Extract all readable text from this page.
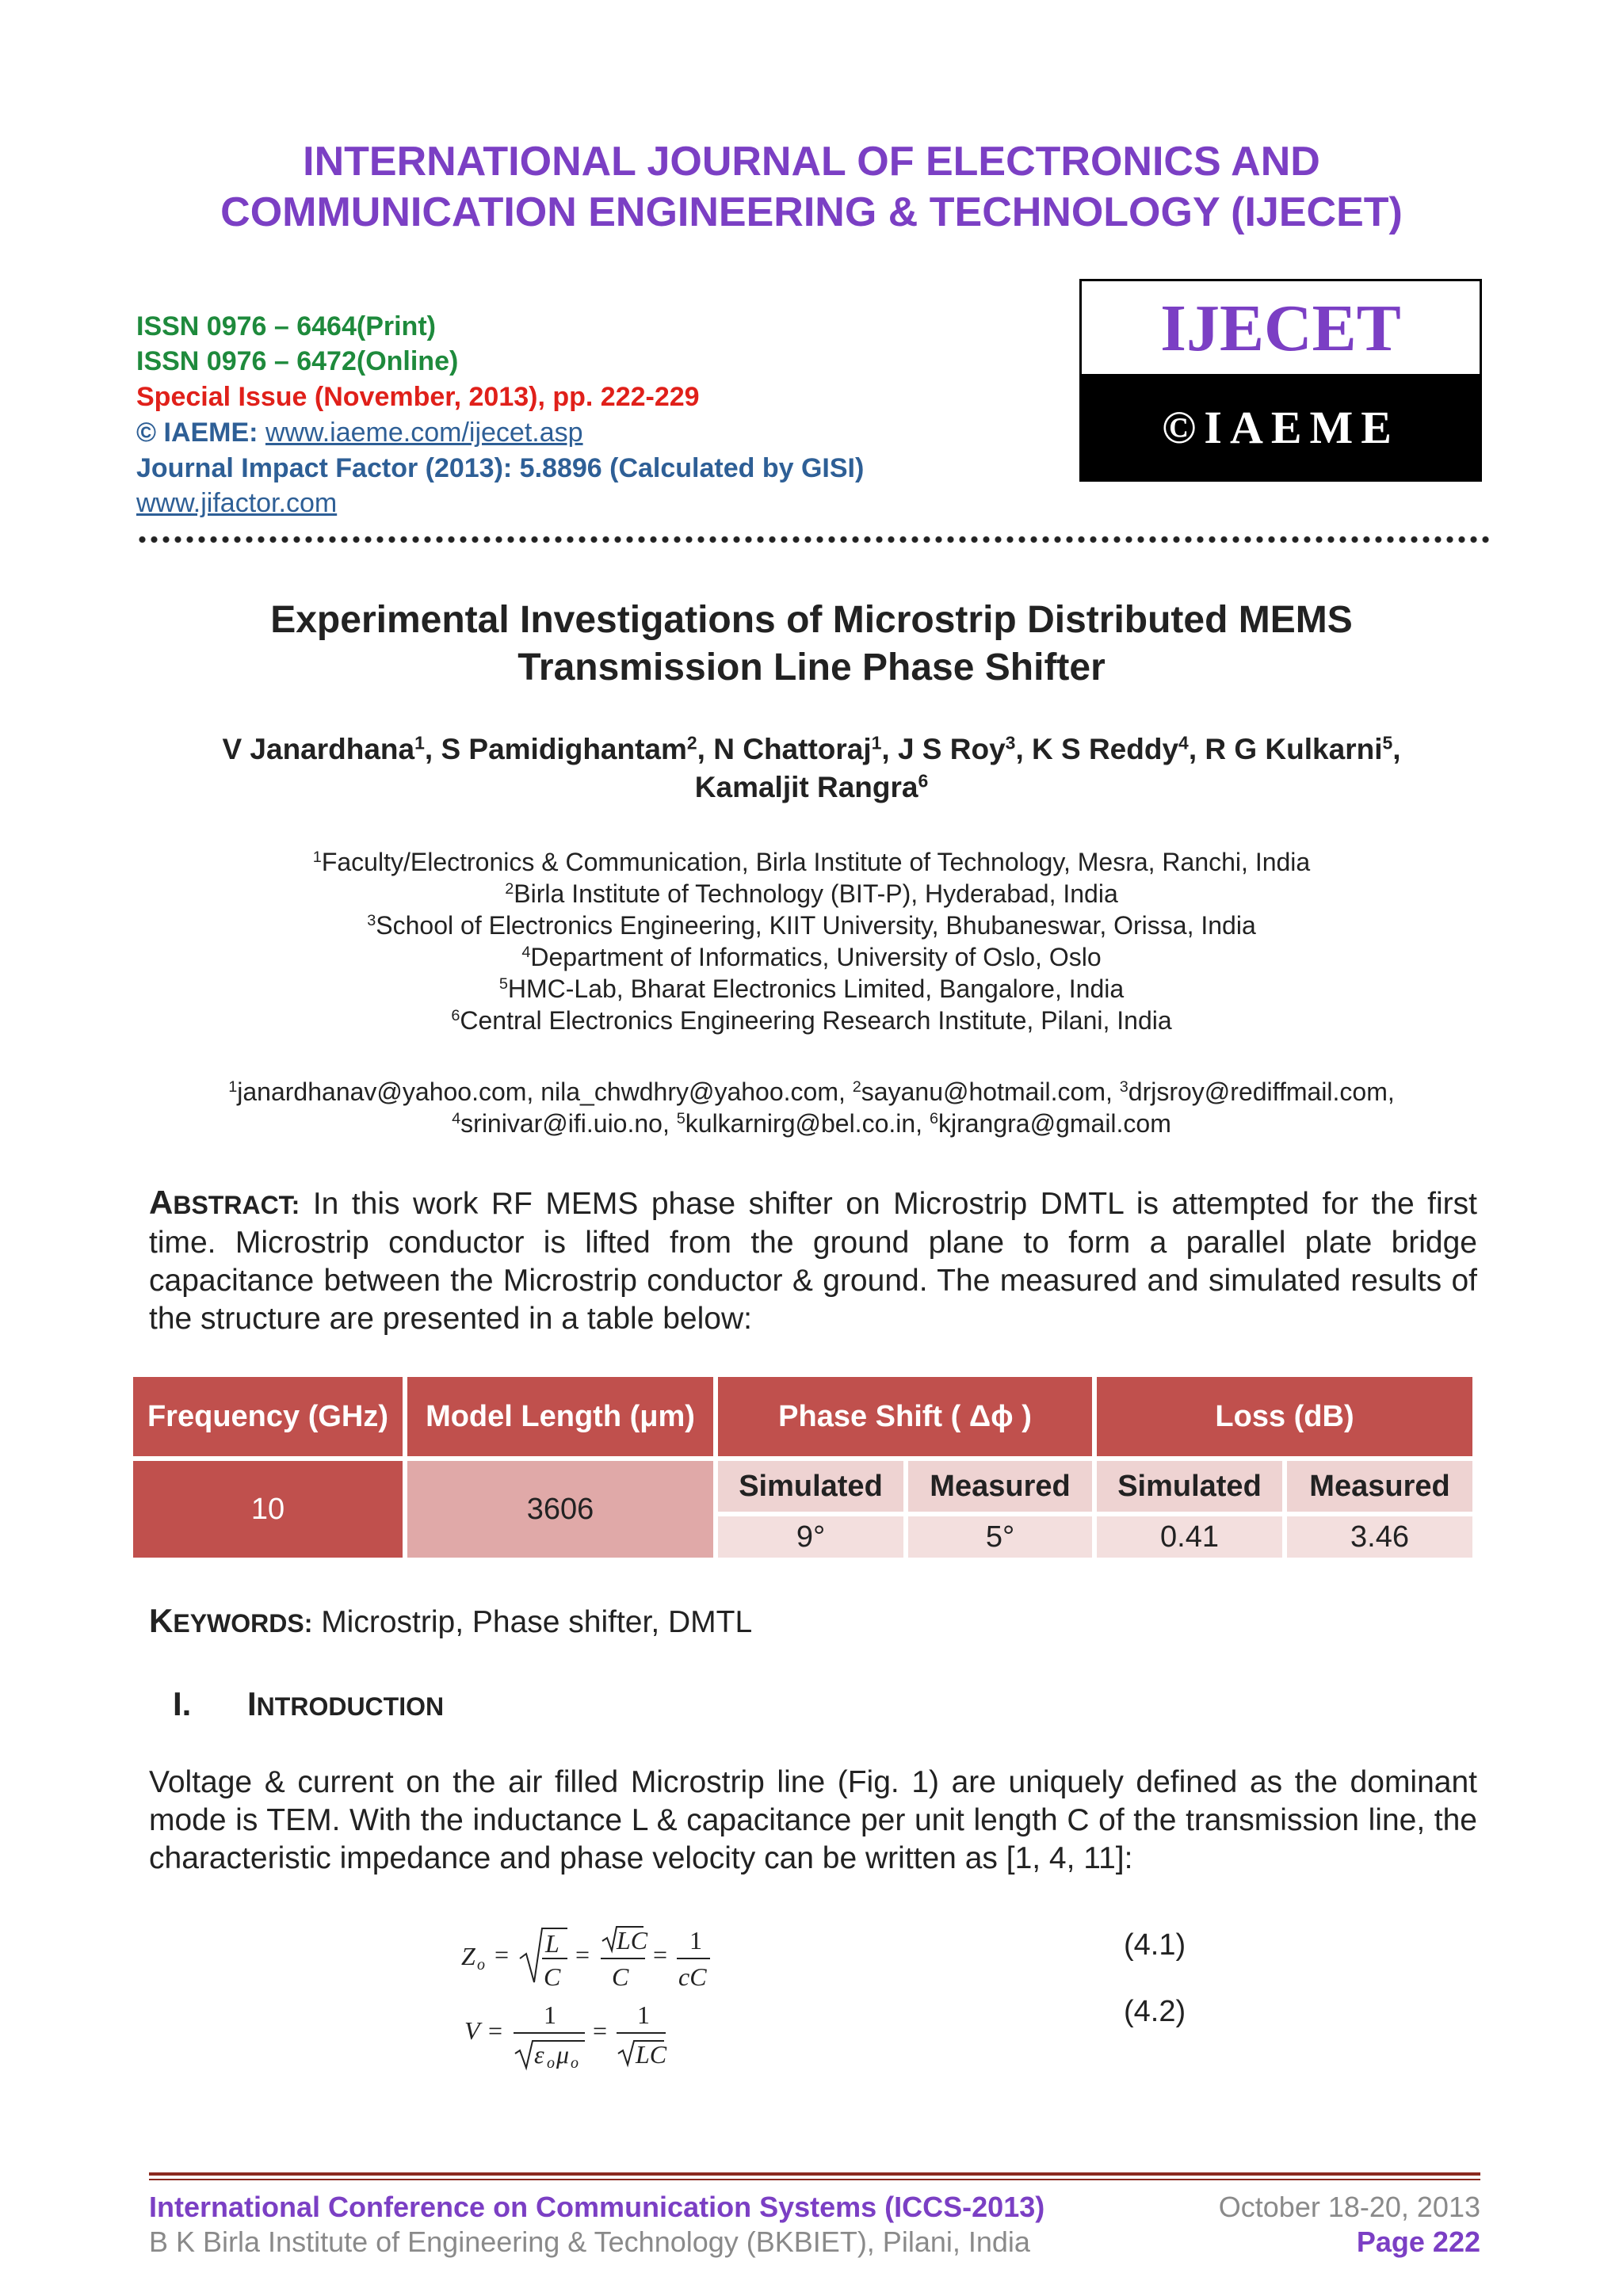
INTERNATIONAL JOURNAL OF ELECTRONICS AND
COMMUNICATION ENGINEERING & TECHNOLOGY (IJECET)
ISSN 0976 – 6464(Print)
ISSN 0976 – 6472(Online)
Special Issue (November, 2013), pp. 222-229
© IAEME: www.iaeme.com/ijecet.asp
Journal Impact Factor (2013): 5.8896 (Calculated by GISI)
www.jifactor.com
IJECET
©IAEME
Experimental Investigations of Microstrip Distributed MEMS
Transmission Line Phase Shifter
V Janardhana$^1$, S Pamidighantam$^2$, N Chattoraj$^1$, J S Roy$^3$, K S Reddy$^4$, R G Kulkarni$^5$,
Kamaljit Rangra$^6$
$^1$Faculty/Electronics & Communication, Birla Institute of Technology, Mesra, Ranchi, India
$^2$Birla Institute of Technology (BIT-P), Hyderabad, India
$^3$School of Electronics Engineering, KIIT University, Bhubaneswar, Orissa, India
$^4$Department of Informatics, University of Oslo, Oslo
$^5$HMC-Lab, Bharat Electronics Limited, Bangalore, India
$^6$Central Electronics Engineering Research Institute, Pilani, India
$^1$janardhanav@yahoo.com, nila_chwdhry@yahoo.com, $^2$sayanu@hotmail.com, $^3$drjsroy@rediffmail.com,
$^4$srinivar@ifi.uio.no, $^5$kulkarnirg@bel.co.in, $^6$kjrangra@gmail.com
ABSTRACT: In this work RF MEMS phase shifter on Microstrip DMTL is attempted for the first time. Microstrip conductor is lifted from the ground plane to form a parallel plate bridge capacitance between the Microstrip conductor & ground. The measured and simulated results of the structure are presented in a table below:
Frequency (GHz)	Model Length (μm)	Phase Shift ( Δϕ )	Loss (dB)
10	3606
Simulated	Measured	Simulated	Measured
9°	5°	0.41	3.46
KEYWORDS: Microstrip, Phase shifter, DMTL
I. INTRODUCTION
Voltage & current on the air filled Microstrip line (Fig. 1) are uniquely defined as the dominant mode is TEM. With the inductance L & capacitance per unit length C of the transmission line, the characteristic impedance and phase velocity can be written as [1, 4, 11]:
Z o = L
C
= LC
C
= 1
cC
V =
1
ε o μ o
=
1
LC
(4.1)
(4.2)
International Conference on Communication Systems (ICCS-2013)
B K Birla Institute of Engineering & Technology (BKBIET), Pilani, India
October 18-20, 2013
Page 222
